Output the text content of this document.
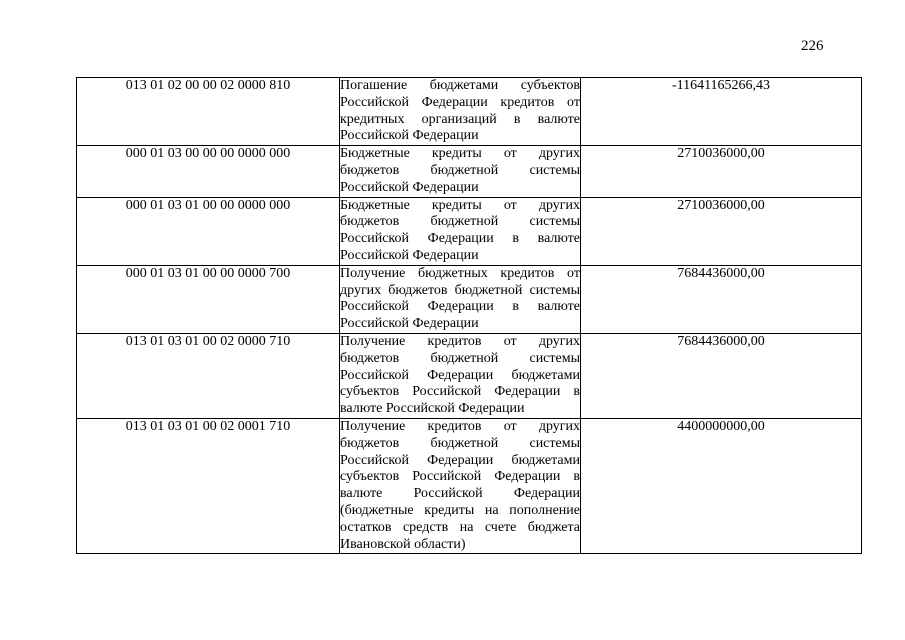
226
013 01 02 00 00 02 0000 810	Погашение бюджетами субъектов Российской Федерации кредитов от кредитных организаций в валюте Российской Федерации	-11641165266,43
000 01 03 00 00 00 0000 000	Бюджетные кредиты от других бюджетов бюджетной системы Российской Федерации	2710036000,00
000 01 03 01 00 00 0000 000	Бюджетные кредиты от других бюджетов бюджетной системы Российской Федерации в валюте Российской Федерации	2710036000,00
000 01 03 01 00 00 0000 700	Получение бюджетных кредитов от других бюджетов бюджетной системы Российской Федерации в валюте Российской Федерации	7684436000,00
013 01 03 01 00 02 0000 710	Получение кредитов от других бюджетов бюджетной системы Российской Федерации бюджетами субъектов Российской Федерации в валюте Российской Федерации	7684436000,00
013 01 03 01 00 02 0001 710	Получение кредитов от других бюджетов бюджетной системы Российской Федерации бюджетами субъектов Российской Федерации в валюте Российской Федерации (бюджетные кредиты на пополнение остатков средств на счете бюджета Ивановской области)	4400000000,00
